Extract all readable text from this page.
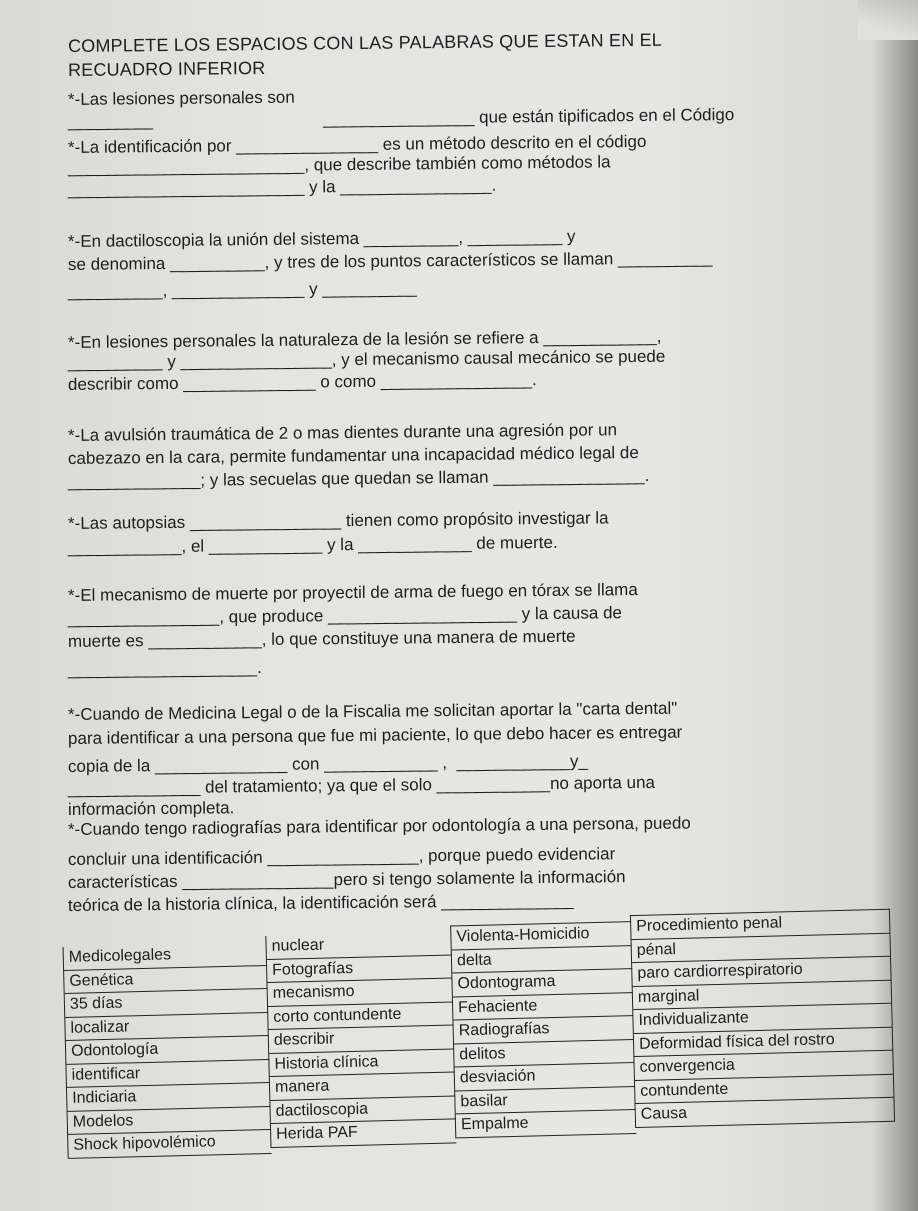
COMPLETE LOS ESPACIOS CON LAS PALABRAS QUE ESTAN EN EL
RECUADRO INFERIOR
*-Las lesiones personales son
_________                                    ________________ que están tipificados en el Código
*-La identificación por _______________ es un método descrito en el código
_________________________, que describe también como métodos la
_________________________ y la ________________.
*-En dactiloscopia la unión del sistema __________, __________ y
se denomina __________, y tres de los puntos característicos se llaman __________
__________, ______________ y __________
*-En lesiones personales la naturaleza de la lesión se refiere a ____________,
__________ y ________________, y el mecanismo causal mecánico se puede
describir como ______________ o como ________________.
*-La avulsión traumática de 2 o mas dientes durante una agresión por un
cabezazo en la cara, permite fundamentar una incapacidad médico legal de
______________; y las secuelas que quedan se llaman ________________.
*-Las autopsias ________________ tienen como propósito investigar la
____________, el ____________ y la ____________ de muerte.
*-El mecanismo de muerte por proyectil de arma de fuego en tórax se llama
________________, que produce ____________________ y la causa de
muerte es ____________, lo que constituye una manera de muerte
____________________.
*-Cuando de Medicina Legal o de la Fiscalia me solicitan aportar la "carta dental"
para identificar a una persona que fue mi paciente, lo que debo hacer es entregar
copia de la ______________ con ____________ ,  ____________y_
______________ del tratamiento; ya que el solo ____________no aporta una
información completa.
*-Cuando tengo radiografías para identificar por odontología a una persona, puedo
concluir una identificación ________________, porque puedo evidenciar
características ________________pero si tengo solamente la información
teórica de la historia clínica, la identificación será ______________
Medicolegales
Genética
35 días
localizar
Odontología
identificar
Indiciaria
Modelos
Shock hipovolémico
nuclear
Fotografías
mecanismo
corto contundente
describir
Historia clínica
manera
dactiloscopia
Herida PAF
Violenta-Homicidio
delta
Odontograma
Fehaciente
Radiografías
delitos
desviación
basilar
Empalme
Procedimiento penal
pénal
paro cardiorrespiratorio
marginal
Individualizante
Deformidad física del rostro
convergencia
contundente
Causa
